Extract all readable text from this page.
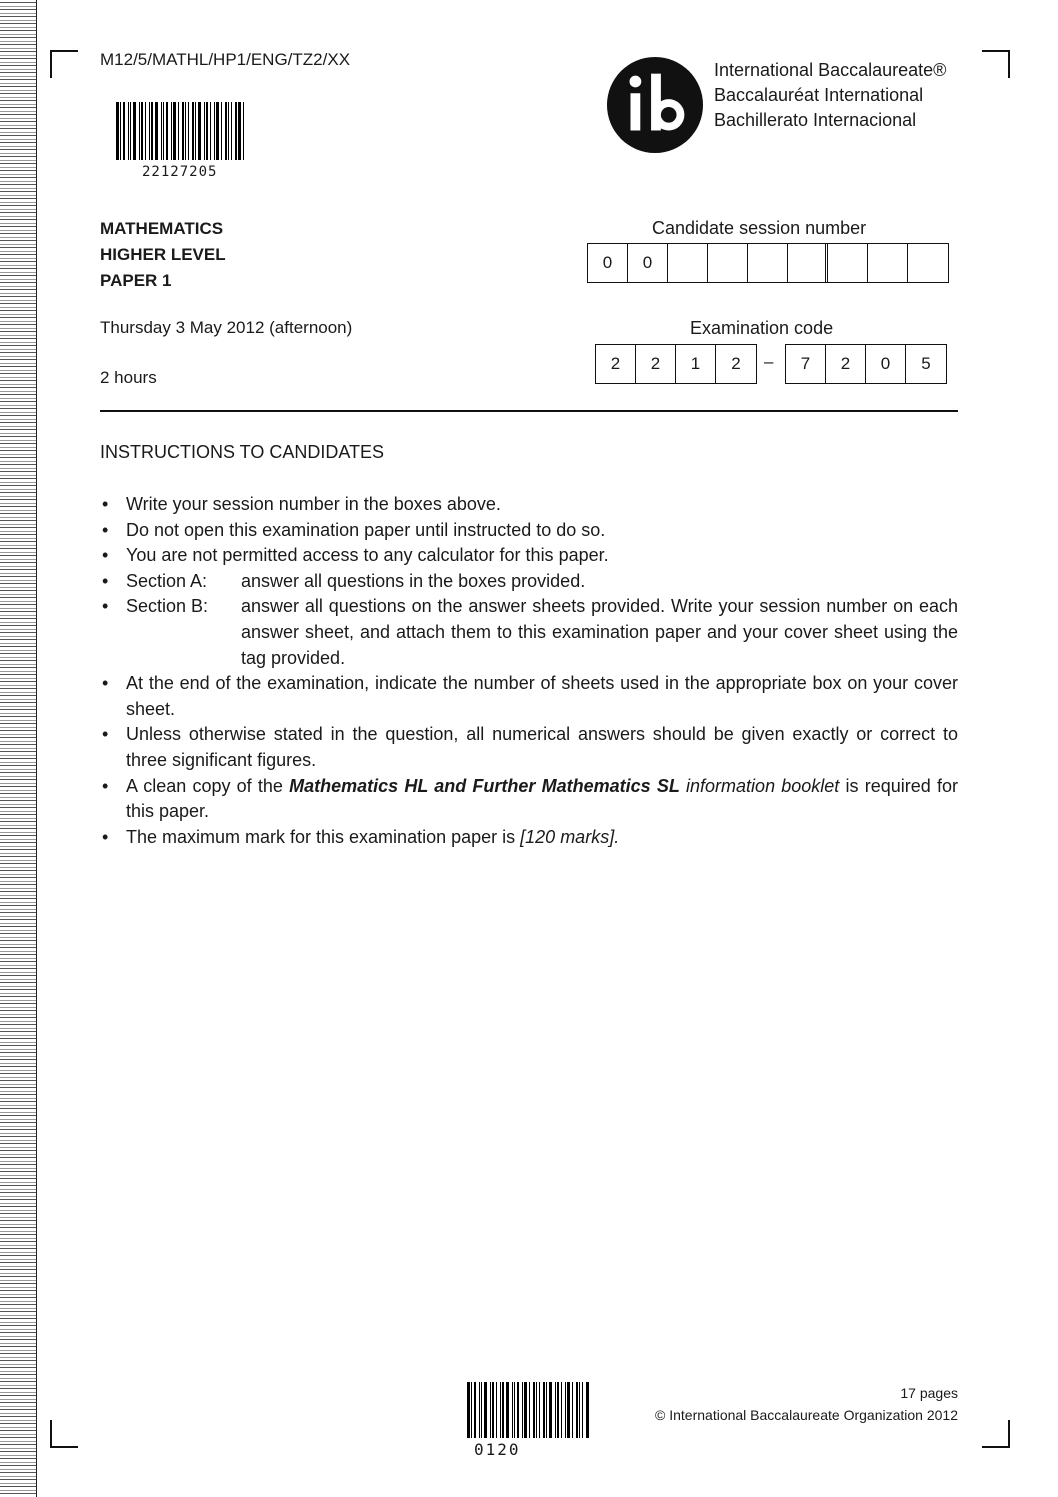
M12/5/MATHL/HP1/ENG/TZ2/XX
22127205
International Baccalaureate®
Baccalauréat International
Bachillerato Internacional
MATHEMATICS
HIGHER LEVEL
PAPER 1
Thursday 3 May 2012 (afternoon)
2 hours
Candidate session number
0	0
Examination code
2	2	1	2	–	7	2	0	5
INSTRUCTIONS TO CANDIDATES
• Write your session number in the boxes above.
• Do not open this examination paper until instructed to do so.
• You are not permitted access to any calculator for this paper.
• Section A:	answer all questions in the boxes provided.
• Section B:	answer all questions on the answer sheets provided. Write your session number on each answer sheet, and attach them to this examination paper and your cover sheet using the tag provided.
• At the end of the examination, indicate the number of sheets used in the appropriate box on your cover sheet.
• Unless otherwise stated in the question, all numerical answers should be given exactly or correct to three significant figures.
• A clean copy of the Mathematics HL and Further Mathematics SL information booklet is required for this paper.
• The maximum mark for this examination paper is [120 marks].
0120
17 pages
© International Baccalaureate Organization 2012
